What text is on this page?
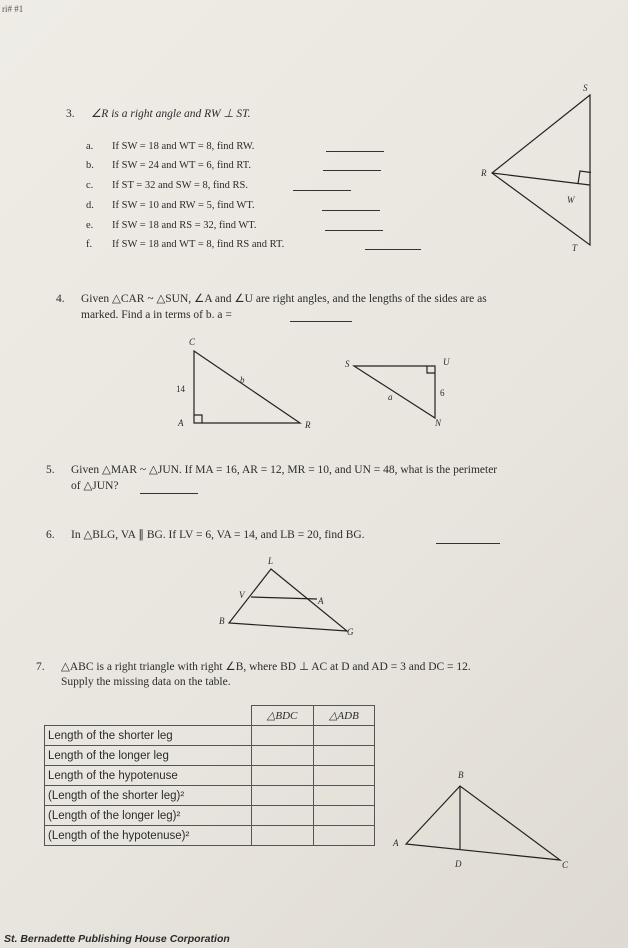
ri# #1
3. ∠R is a right angle and RW ⊥ ST.
a. If SW = 18 and WT = 8, find RW.
b. If SW = 24 and WT = 6, find RT.
c. If ST = 32 and SW = 8, find RS.
d. If SW = 10 and RW = 5, find WT.
e. If SW = 18 and RS = 32, find WT.
f. If SW = 18 and WT = 8, find RS and RT.
S
R
W
T
4. Given △CAR ~ △SUN, ∠A and ∠U are right angles, and the lengths of the sides are as
marked. Find a in terms of b. a =
C
A	R
14
b
S	U
N
a	6
5. Given △MAR ~ △JUN. If MA = 16, AR = 12, MR = 10, and UN = 48, what is the perimeter
of △JUN?
6. In △BLG, VA ∥ BG. If LV = 6, VA = 14, and LB = 20, find BG.
L
V
A
B
G
7. △ABC is a right triangle with right ∠B, where BD ⊥ AC at D and AD = 3 and DC = 12.
Supply the missing data on the table.
	△BDC	△ADB
Length of the shorter leg		
Length of the longer leg		
Length of the hypotenuse		
(Length of the shorter leg)²		
(Length of the longer leg)²		
(Length of the hypotenuse)²		
B
A
D	C
St. Bernadette Publishing House Corporation
